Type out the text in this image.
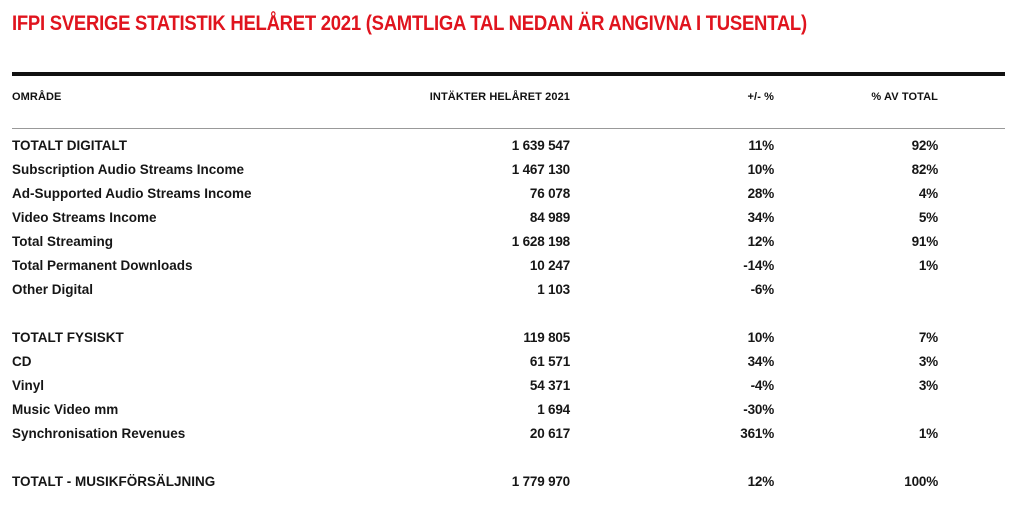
IFPI SVERIGE STATISTIK HELÅRET 2021 (SAMTLIGA TAL NEDAN ÄR ANGIVNA I TUSENTAL)
OMRÅDE	INTÄKTER HELÅRET 2021	+/- %	% AV TOTAL
TOTALT DIGITALT	1 639 547	11%	92%
Subscription Audio Streams Income	1 467 130	10%	82%
Ad-Supported Audio Streams Income	76 078	28%	4%
Video Streams Income	84 989	34%	5%
Total Streaming	1 628 198	12%	91%
Total Permanent Downloads	10 247	-14%	1%
Other Digital	1 103	-6%
TOTALT FYSISKT	119 805	10%	7%
CD	61 571	34%	3%
Vinyl	54 371	-4%	3%
Music Video mm	1 694	-30%
Synchronisation Revenues	20 617	361%	1%
TOTALT - MUSIKFÖRSÄLJNING	1 779 970	12%	100%
